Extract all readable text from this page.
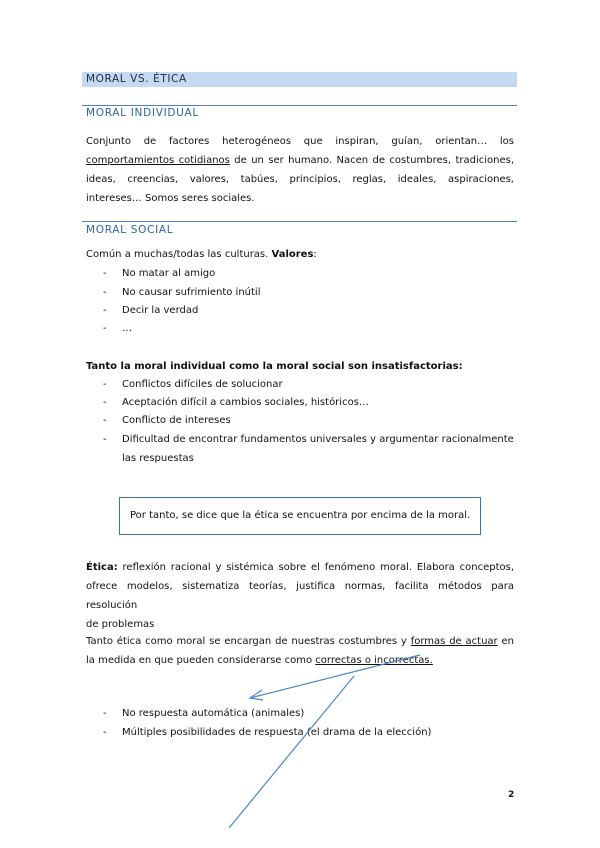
MORAL VS. ÉTICA
MORAL INDIVIDUAL
Conjunto de factores heterogéneos que inspiran, guían, orientan… los
comportamientos cotidianos de un ser humano. Nacen de costumbres, tradiciones,
ideas, creencias, valores, tabúes, principios, reglas, ideales, aspiraciones,
intereses… Somos seres sociales.
MORAL SOCIAL
Común a muchas/todas las culturas. Valores:
- No matar al amigo
- No causar sufrimiento inútil
- Decir la verdad
- …
Tanto la moral individual como la moral social son insatisfactorias:
- Conflictos difíciles de solucionar
- Aceptación difícil a cambios sociales, históricos…
- Conflicto de intereses
- Dificultad de encontrar fundamentos universales y argumentar racionalmente
las respuestas
Por tanto, se dice que la ética se encuentra por encima de la moral.
Ética: reflexión racional y sistémica sobre el fenómeno moral. Elabora conceptos,
ofrece modelos, sistematiza teorías, justifica normas, facilita métodos para resolución
de problemas
Tanto ética como moral se encargan de nuestras costumbres y formas de actuar en
la medida en que pueden considerarse como correctas o incorrectas.
- No respuesta automática (animales)
- Múltiples posibilidades de respuesta (el drama de la elección)
2
